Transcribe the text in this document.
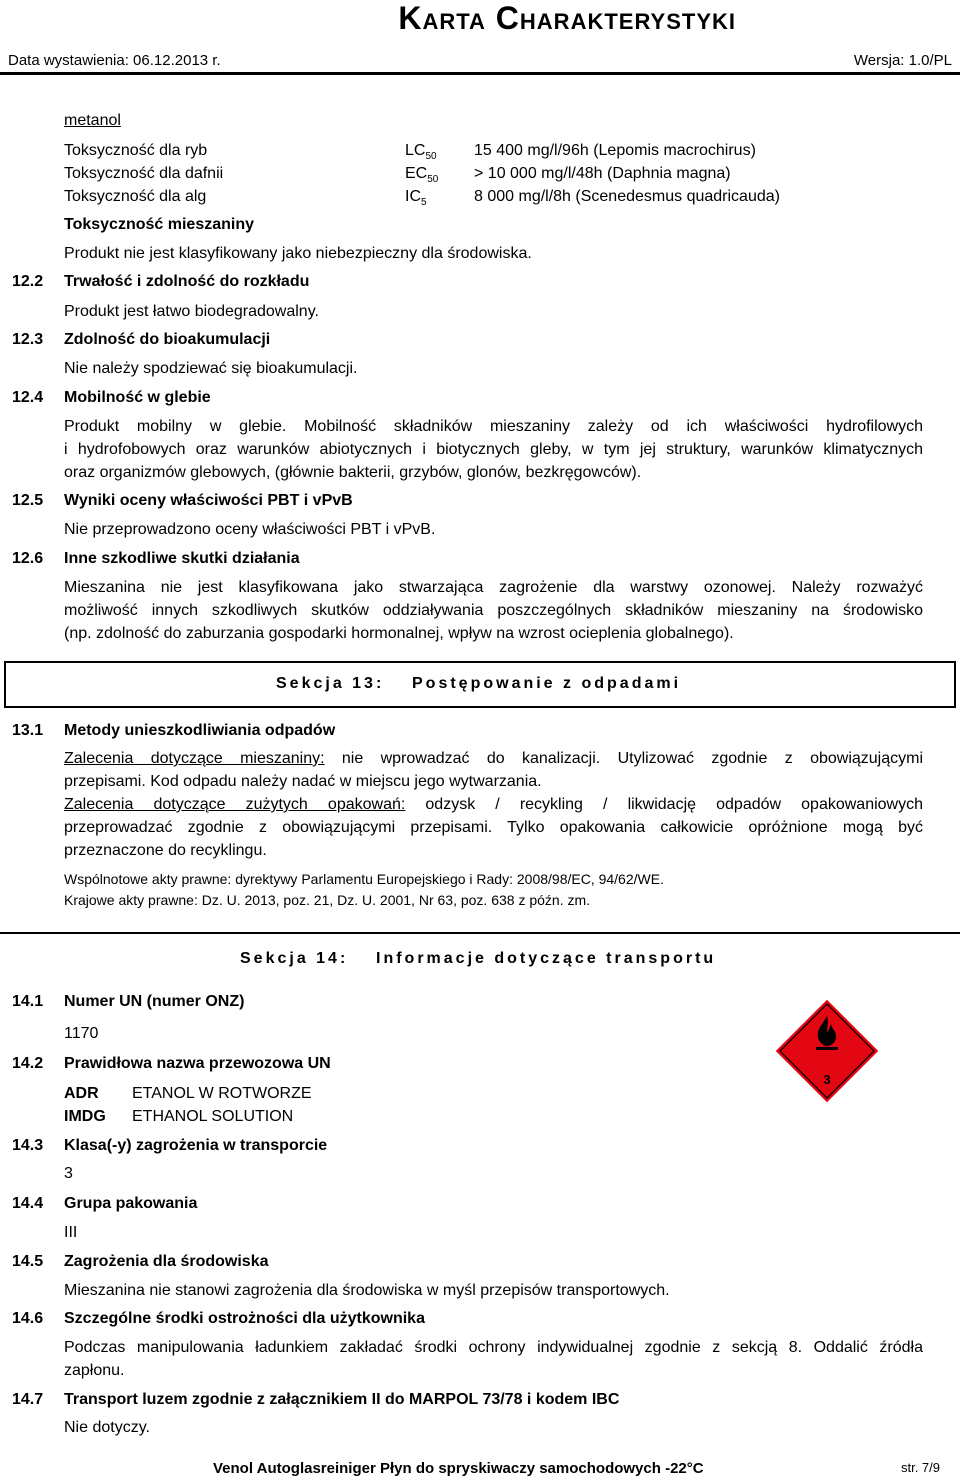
Karta Charakterystyki
Data wystawienia: 06.12.2013 r.	Wersja: 1.0/PL
metanol
Toksyczność dla ryb	$LC_{50}$ 15 400 mg/l/96h (Lepomis macrochirus)
Toksyczność dla dafnii	$EC_{50} > 10$ 000 mg/l/48h (Daphnia magna)
Toksyczność dla alg	$IC_5$	8 000 mg/l/8h (Scenedesmus quadricauda)
Toksyczność mieszaniny
Produkt nie jest klasyfikowany jako niebezpieczny dla środowiska.
12.2 Trwałość i zdolność do rozkładu
Produkt jest łatwo biodegradowalny.
12.3 Zdolność do bioakumulacji
Nie należy spodziewać się bioakumulacji.
12.4 Mobilność w glebie
Produkt mobilny w glebie. Mobilność składników mieszaniny zależy od ich właściwości hydrofilowych
i hydrofobowych oraz warunków abiotycznych i biotycznych gleby, w tym jej struktury, warunków klimatycznych
oraz organizmów glebowych, (głównie bakterii, grzybów, glonów, bezkręgowców).
12.5 Wyniki oceny właściwości PBT i vPvB
Nie przeprowadzono oceny właściwości PBT i vPvB.
12.6 Inne szkodliwe skutki działania
Mieszanina nie jest klasyfikowana jako stwarzająca zagrożenie dla warstwy ozonowej. Należy rozważyć
możliwość innych szkodliwych skutków oddziaływania poszczególnych składników mieszaniny na środowisko
(np. zdolność do zaburzania gospodarki hormonalnej, wpływ na wzrost ocieplenia globalnego).
Sekcja 13: Postępowanie z odpadami
13.1 Metody unieszkodliwiania odpadów
Zalecenia dotyczące mieszaniny: nie wprowadzać do kanalizacji. Utylizować zgodnie z obowiązującymi
przepisami. Kod odpadu należy nadać w miejscu jego wytwarzania.
Zalecenia dotyczące zużytych opakowań: odzysk / recykling / likwidację odpadów opakowaniowych
przeprowadzać zgodnie z obowiązującymi przepisami. Tylko opakowania całkowicie opróżnione mogą być
przeznaczone do recyklingu.
Wspólnotowe akty prawne: dyrektywy Parlamentu Europejskiego i Rady: 2008/98/EC, 94/62/WE.
Krajowe akty prawne: Dz. U. 2013, poz. 21, Dz. U. 2001, Nr 63, poz. 638 z późn. zm.
Sekcja 14: Informacje dotyczące transportu
14.1 Numer UN (numer ONZ)
1170
14.2 Prawidłowa nazwa przewozowa UN
ADR ETANOL W ROTWORZE
IMDG ETHANOL SOLUTION
14.3 Klasa(-y) zagrożenia w transporcie
3
14.4 Grupa pakowania
III
14.5 Zagrożenia dla środowiska
Mieszanina nie stanowi zagrożenia dla środowiska w myśl przepisów transportowych.
14.6 Szczególne środki ostrożności dla użytkownika
Podczas manipulowania ładunkiem zakładać środki ochrony indywidualnej zgodnie z sekcją 8. Oddalić źródła
zapłonu.
14.7 Transport luzem zgodnie z załącznikiem II do MARPOL 73/78 i kodem IBC
Nie dotyczy.
3
Venol Autoglasreiniger Płyn do spryskiwaczy samochodowych -22°C	str. 7/9
